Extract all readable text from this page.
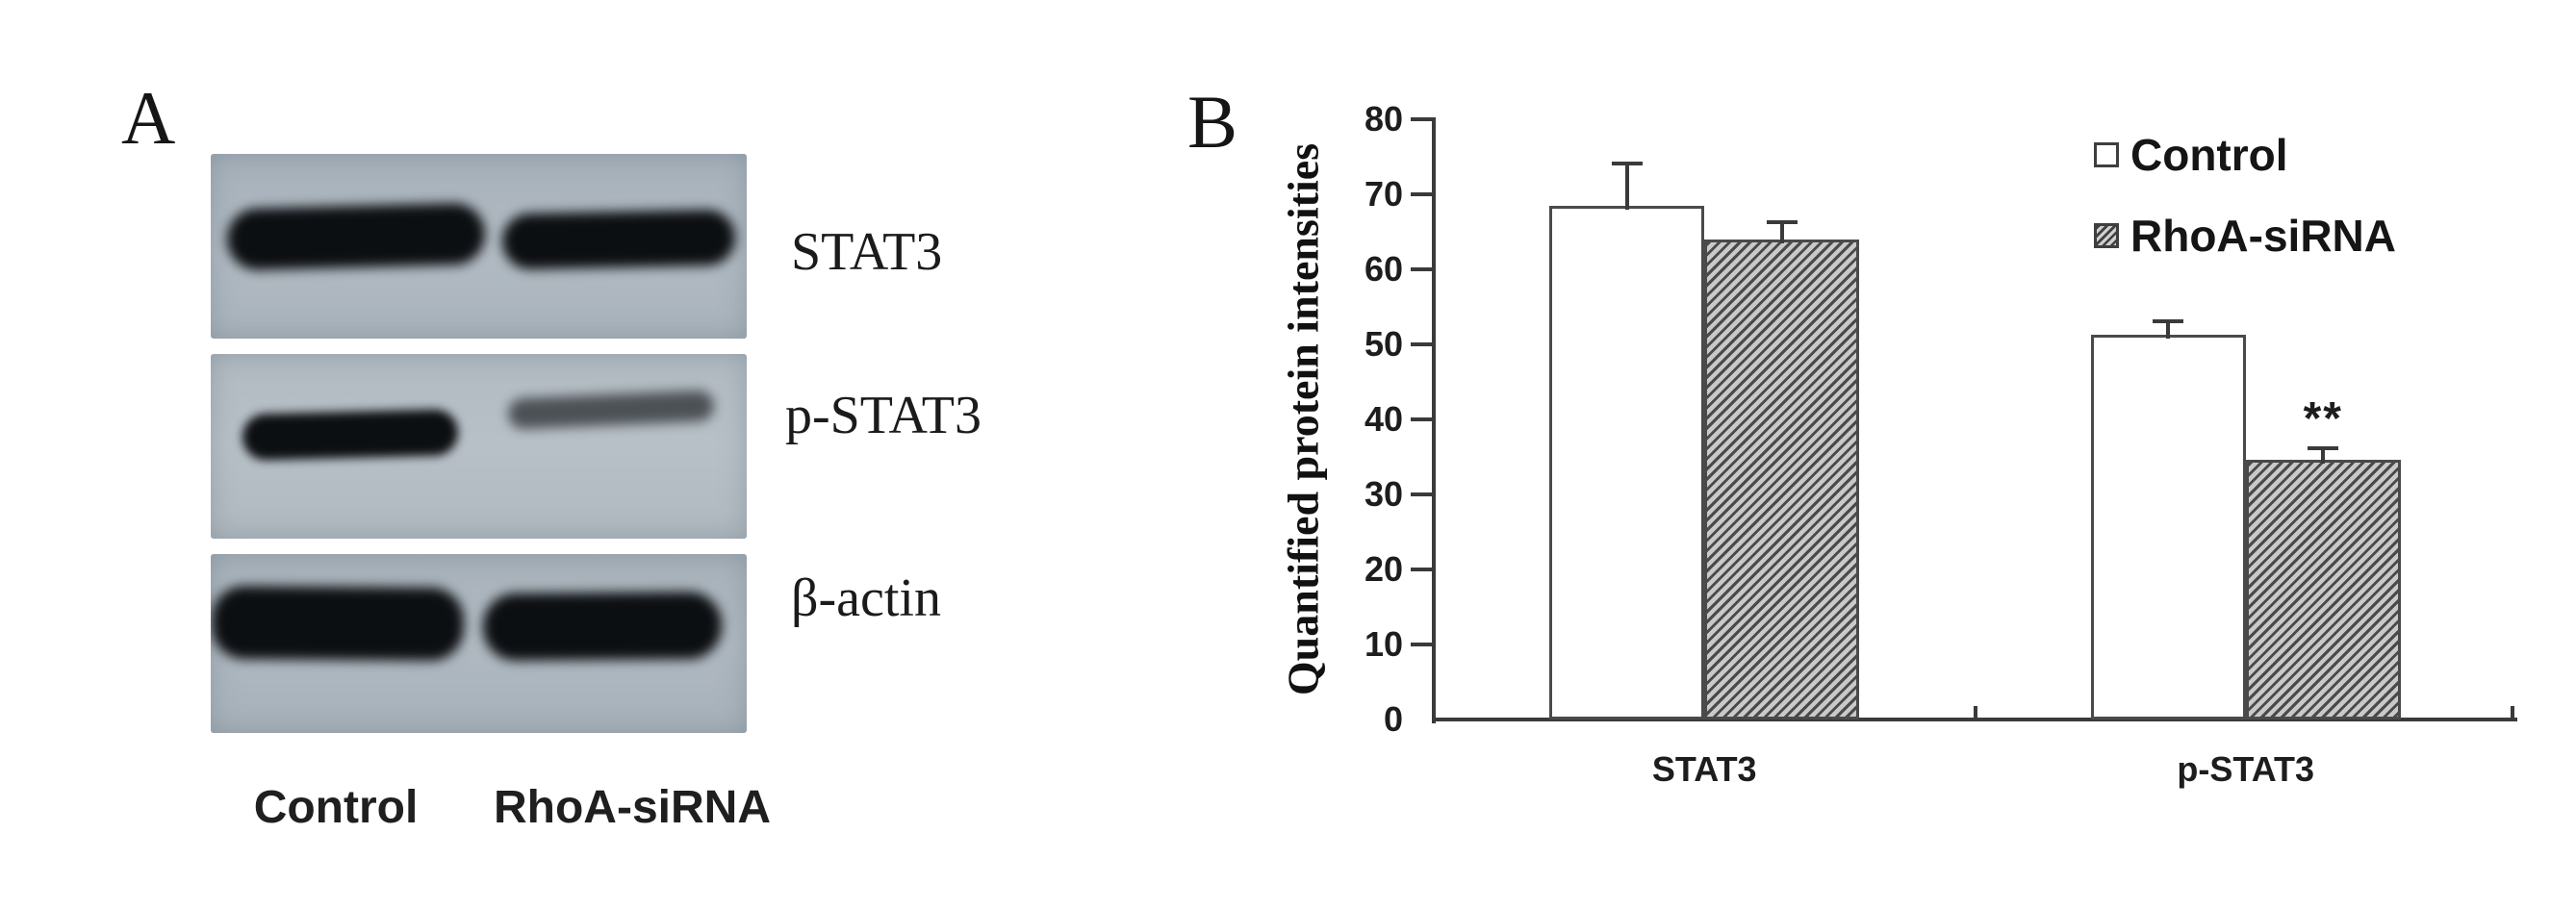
A
STAT3
p-STAT3
β-actin
Control	RhoA-siRNA
B
Quantified protein intensities
0
10
20
30
40
50
60
70
80
STAT3	p-STAT3
**
Control
RhoA-siRNA
